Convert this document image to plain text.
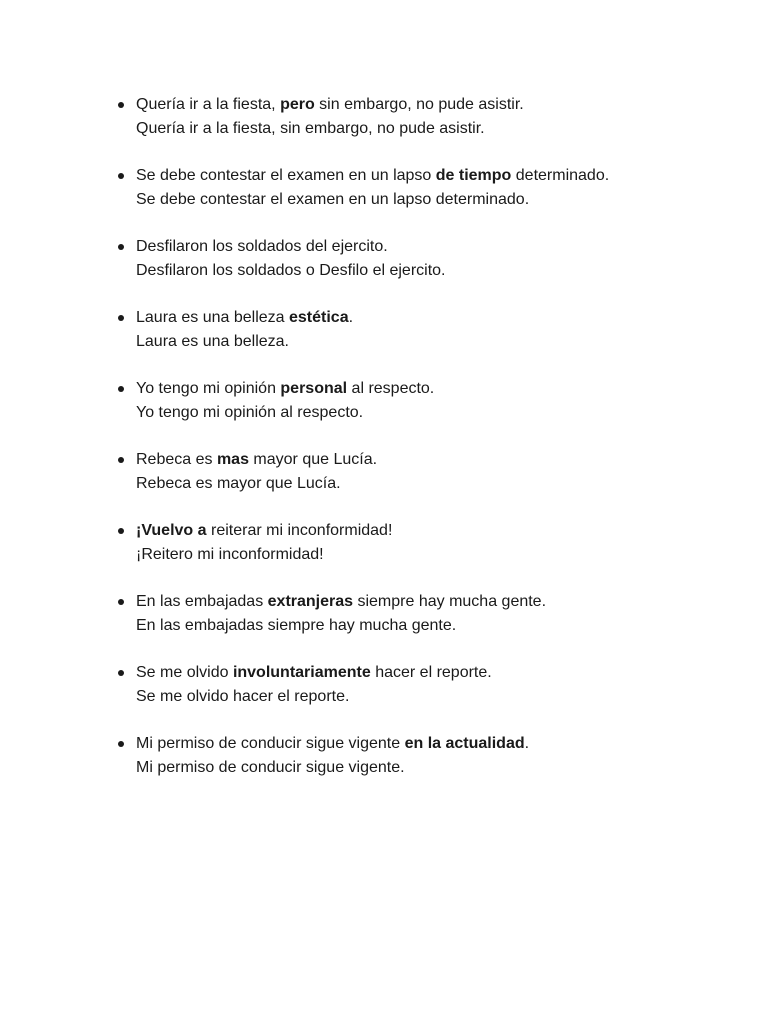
Quería ir a la fiesta, pero sin embargo, no pude asistir.
Quería ir a la fiesta, sin embargo, no pude asistir.
Se debe contestar el examen en un lapso de tiempo determinado.
Se debe contestar el examen en un lapso determinado.
Desfilaron los soldados del ejercito.
Desfilaron los soldados o Desfilo el ejercito.
Laura es una belleza estética.
Laura es una belleza.
Yo tengo mi opinión personal al respecto.
Yo tengo mi opinión al respecto.
Rebeca es mas mayor que Lucía.
Rebeca es mayor que Lucía.
¡Vuelvo a reiterar mi inconformidad!
¡Reitero mi inconformidad!
En las embajadas extranjeras siempre hay mucha gente.
En las embajadas siempre hay mucha gente.
Se me olvido involuntariamente hacer el reporte.
Se me olvido hacer el reporte.
Mi permiso de conducir sigue vigente en la actualidad.
Mi permiso de conducir sigue vigente.
